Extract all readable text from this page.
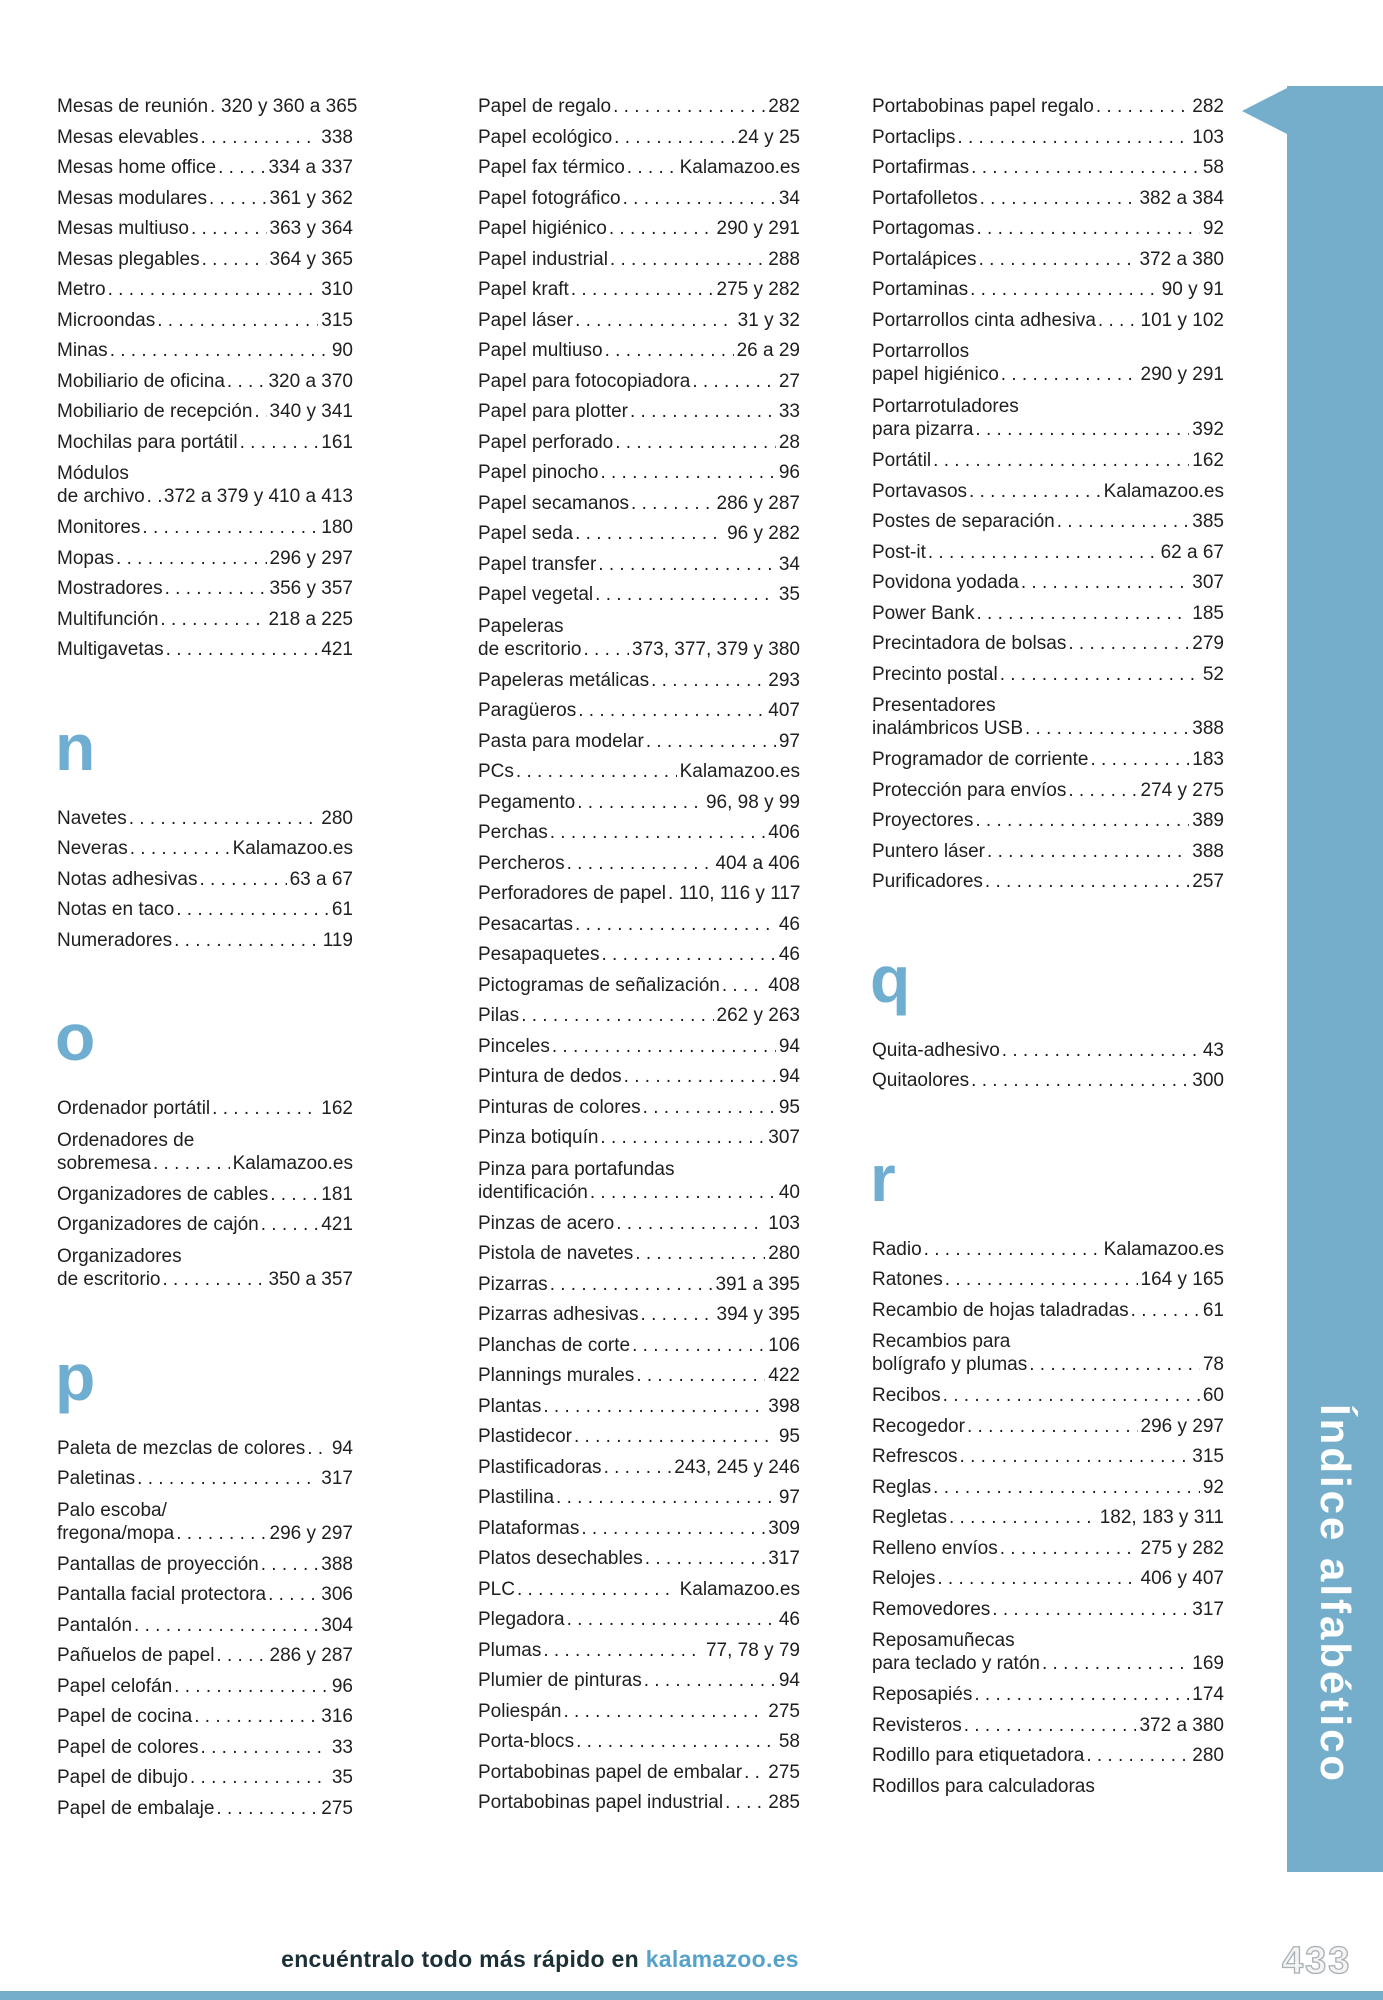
Mesas de reunión . . . 320 y 360 a 365
Mesas elevables . . .	338
Mesas home office . . .	334 a 337
Mesas modulares . . .	361 y 362
Mesas multiuso . . .	363 y 364
Mesas plegables . . .	364 y 365
Metro . . .	310
Microondas . . .	315
Minas . . .	90
Mobiliario de oficina . . . 320 a 370
Mobiliario de recepción . . . 340 y 341
Mochilas para portátil . . .	161
Módulos
de archivo . . . 372 a 379 y 410 a 413
Monitores . . .	180
Mopas . . .	296 y 297
Mostradores . . .	356 y 357
Multifunción . . .	218 a 225
Multigavetas . . .	421
n
Navetes . . .	280
Neveras . . .	Kalamazoo.es
Notas adhesivas . . .	63 a 67
Notas en taco . . .	61
Numeradores . . .	119
o
Ordenador portátil . . .	162
Ordenadores de
sobremesa . . .	Kalamazoo.es
Organizadores de cables . . .	181
Organizadores de cajón . . .	421
Organizadores
de escritorio . . .	350 a 357
p
Paleta de mezclas de colores . . . 94
Paletinas . . .	317
Palo escoba/
fregona/mopa . . .	296 y 297
Pantallas de proyección . . .	388
Pantalla facial protectora . . .	306
Pantalón . . .	304
Pañuelos de papel . . .	286 y 287
Papel celofán . . .	96
Papel de cocina . . .	316
Papel de colores . . .	33
Papel de dibujo . . .	35
Papel de embalaje . . .	275
Papel de regalo . . .	282
Papel ecológico . . .	24 y 25
Papel fax térmico . . .	Kalamazoo.es
Papel fotográfico . . .	34
Papel higiénico . . .	290 y 291
Papel industrial . . .	288
Papel kraft . . .	275 y 282
Papel láser . . .	31 y 32
Papel multiuso . . .	26 a 29
Papel para fotocopiadora . . .	27
Papel para plotter . . .	33
Papel perforado . . .	28
Papel pinocho . . .	96
Papel secamanos . . .	286 y 287
Papel seda . . .	96 y 282
Papel transfer . . .	34
Papel vegetal . . .	35
Papeleras
de escritorio . . .	373, 377, 379 y 380
Papeleras metálicas . . .	293
Paragüeros . . .	407
Pasta para modelar . . .	97
PCs . . .	Kalamazoo.es
Pegamento . . .	96, 98 y 99
Perchas . . .	406
Percheros . . .	404 a 406
Perforadores de papel . . . 110, 116 y 117
Pesacartas . . .	46
Pesapaquetes . . .	46
Pictogramas de señalización . . .	408
Pilas . . .	262 y 263
Pinceles . . .	94
Pintura de dedos . . .	94
Pinturas de colores . . .	95
Pinza botiquín . . .	307
Pinza para portafundas
identificación . . .	40
Pinzas de acero . . .	103
Pistola de navetes . . .	280
Pizarras . . .	391 a 395
Pizarras adhesivas . . .	394 y 395
Planchas de corte . . .	106
Plannings murales . . .	422
Plantas . . .	398
Plastidecor . . .	95
Plastificadoras . . .	243, 245 y 246
Plastilina . . .	97
Plataformas . . .	309
Platos desechables . . .	317
PLC . . .	Kalamazoo.es
Plegadora . . .	46
Plumas . . .	77, 78 y 79
Plumier de pinturas . . .	94
Poliespán . . .	275
Porta-blocs . . .	58
Portabobinas papel de embalar . . . 275
Portabobinas papel industrial . . . 285
Portabobinas papel regalo . . .	282
Portaclips . . .	103
Portafirmas . . .	58
Portafolletos . . .	382 a 384
Portagomas . . .	92
Portalápices . . .	372 a 380
Portaminas . . .	90 y 91
Portarrollos cinta adhesiva . . . 101 y 102
Portarrollos
papel higiénico . . .	290 y 291
Portarrotuladores
para pizarra . . .	392
Portátil . . .	162
Portavasos . . .	Kalamazoo.es
Postes de separación . . .	385
Post-it . . .	62 a 67
Povidona yodada . . .	307
Power Bank . . .	185
Precintadora de bolsas . . .	279
Precinto postal . . .	52
Presentadores
inalámbricos USB . . .	388
Programador de corriente . . .	183
Protección para envíos . . .	274 y 275
Proyectores . . .	389
Puntero láser . . .	388
Purificadores . . .	257
q
Quita-adhesivo . . .	43
Quitaolores . . .	300
r
Radio . . .	Kalamazoo.es
Ratones . . .	164 y 165
Recambio de hojas taladradas . . .	61
Recambios para
bolígrafo y plumas . . .	78
Recibos . . .	60
Recogedor . . .	296 y 297
Refrescos . . .	315
Reglas . . .	92
Regletas . . .	182, 183 y 311
Relleno envíos . . .	275 y 282
Relojes . . .	406 y 407
Removedores . . .	317
Reposamuñecas
para teclado y ratón . . .	169
Reposapiés . . .	174
Revisteros . . .	372 a 380
Rodillo para etiquetadora . . .	280
Rodillos para calculadoras
Índice alfabético
encuéntralo todo más rápido en kalamazoo.es	433
